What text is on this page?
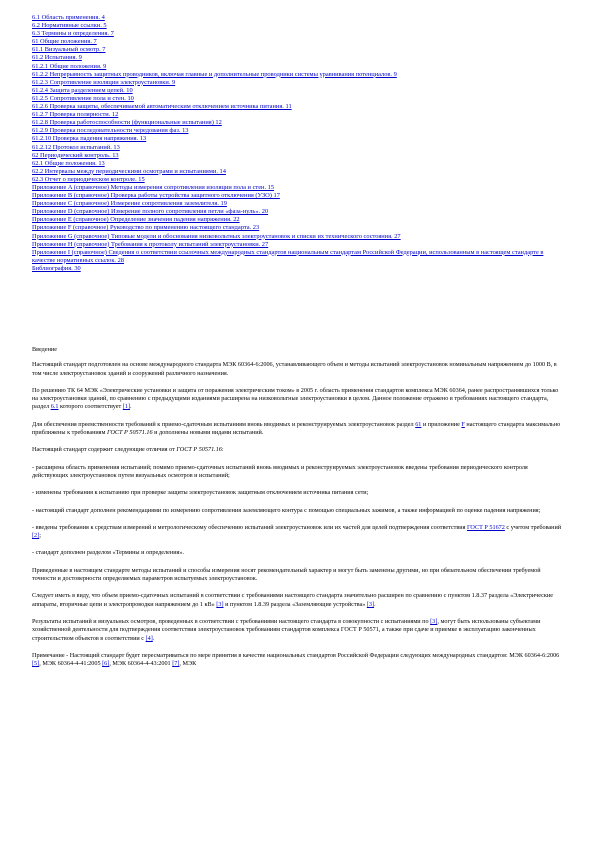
6.1 Область применения. 4
6.2 Нормативные ссылки. 5
6.3 Термины и определения. 7
61 Общие положения. 7
61.1 Визуальный осмотр. 7
61.2 Испытания. 9
61.2.1 Общие положения. 9
61.2.2 Непрерывность защитных проводников, включая главные и дополнительные проводники системы уравнивания потенциалов. 9
61.2.3 Сопротивление изоляции электроустановки. 9
61.2.4 Защита разделением цепей. 10
61.2.5 Сопротивление пола и стен. 10
61.2.6 Проверка защиты, обеспечиваемой автоматическим отключением источника питания. 11
61.2.7 Проверка полярности. 12
61.2.8 Проверка работоспособности (функциональные испытания) 12
61.2.9 Проверка последовательности чередования фаз. 13
61.2.10 Проверка падения напряжения. 13
61.2.12 Протокол испытаний. 13
62 Периодический контроль. 13
62.1 Общие положения. 13
62.2 Интервалы между периодическими осмотрами и испытаниями. 14
62.3 Отчет о периодическом контроле. 15
Приложение A (справочное) Методы измерения сопротивления изоляции пола и стен. 15
Приложение B (справочное) Проверка работы устройства защитного отключения (УЗО) 17
Приложение C (справочное) Измерение сопротивления заземлителя. 19
Приложение D (справочное) Измерение полного сопротивления петли «фаза-нуль». 20
Приложение E (справочное) Определение значения падения напряжения. 22
Приложение F (справочное) Руководство по применению настоящего стандарта. 23
Приложение G (справочное) Типовые модели и обоснования низковольтных электроустановок и списки их технического состояния. 27
Приложение H (справочное) Требования к протоколу испытаний электроустановки. 27
Приложение I (справочное) Сведения о соответствии ссылочных международных стандартов национальным стандартам Российской Федерации, использованным в настоящем стандарте в качестве нормативных ссылок. 28
Библиография. 30
Введение

Настоящий стандарт подготовлен на основе международного стандарта МЭК 60364-6:2006, устанавливающего объем и методы испытаний электроустановок номинальным напряжением до 1000 В, в том числе электроустановок зданий и сооружений различного назначения.

По решению ТК 64 МЭК «Электрические установки и защита от поражения электрическим током» в 2005 г. область применения стандартов комплекса МЭК 60364, ранее распространявшихся только на электроустановки зданий, по сравнению с предыдущими изданиями расширена на низковольтные электроустановки в целом. Данное положение отражено в требованиях настоящего стандарта, раздел 6.1 которого соответствует [1].

Для обеспечения преемственности требований к приемо-сдаточным испытаниям вновь вводимых и реконструируемых электроустановок раздел 61 и приложение F настоящего стандарта максимально приближены к требованиям ГОСТ Р 50571.16 и дополнены новыми видами испытаний.

Настоящий стандарт содержит следующие отличия от ГОСТ Р 50571.16:

- расширена область применения испытаний; помимо приемо-сдаточных испытаний вновь вводимых и реконструируемых электроустановок введены требования периодического контроля действующих электроустановок путем визуальных осмотров и испытаний;

- изменены требования к испытанию при проверке защиты электроустановок защитным отключением источника питания сети;

- настоящий стандарт дополнен рекомендациями по измерению сопротивления заземляющего контура с помощью специальных зажимов, а также информацией по оценке падения напряжения;

- введены требования к средствам измерений и метрологическому обеспечению испытаний электроустановок или их частей для целей подтверждения соответствия ГОСТ Р 51672 с учетом требований [2];

- стандарт дополнен разделом «Термины и определения».

Приведенные в настоящем стандарте методы испытаний и способы измерения носят рекомендательный характер и могут быть заменены другими, но при обязательном обеспечении требуемой точности и достоверности определяемых параметров испытуемых электроустановок.

Следует иметь в виду, что объем приемо-сдаточных испытаний в соответствии с требованиями настоящего стандарта значительно расширен по сравнению с пунктом 1.8.37 раздела «Электрические аппараты, вторичные цепи и электропроводки напряжением до 1 кВ» [3] и пунктом 1.8.39 раздела «Заземляющие устройства» [3].

Результаты испытаний и визуальных осмотров, проведенных в соответствии с требованиями настоящего стандарта в совокупности с испытаниями по [3], могут быть использованы субъектами хозяйственной деятельности для подтверждения соответствия электроустановок требованиям стандартов комплекса ГОСТ Р 50571, а также при сдаче и приемке в эксплуатацию законченных строительством объектов в соответствии с [4].

Примечание - Настоящий стандарт будет пересматриваться по мере принятия в качестве национальных стандартов Российской Федерации следующих международных стандартов: МЭК 60364-6:2006 [5], МЭК 60364-4-41:2005 [6], МЭК 60364-4-43:2001 [7], МЭК
